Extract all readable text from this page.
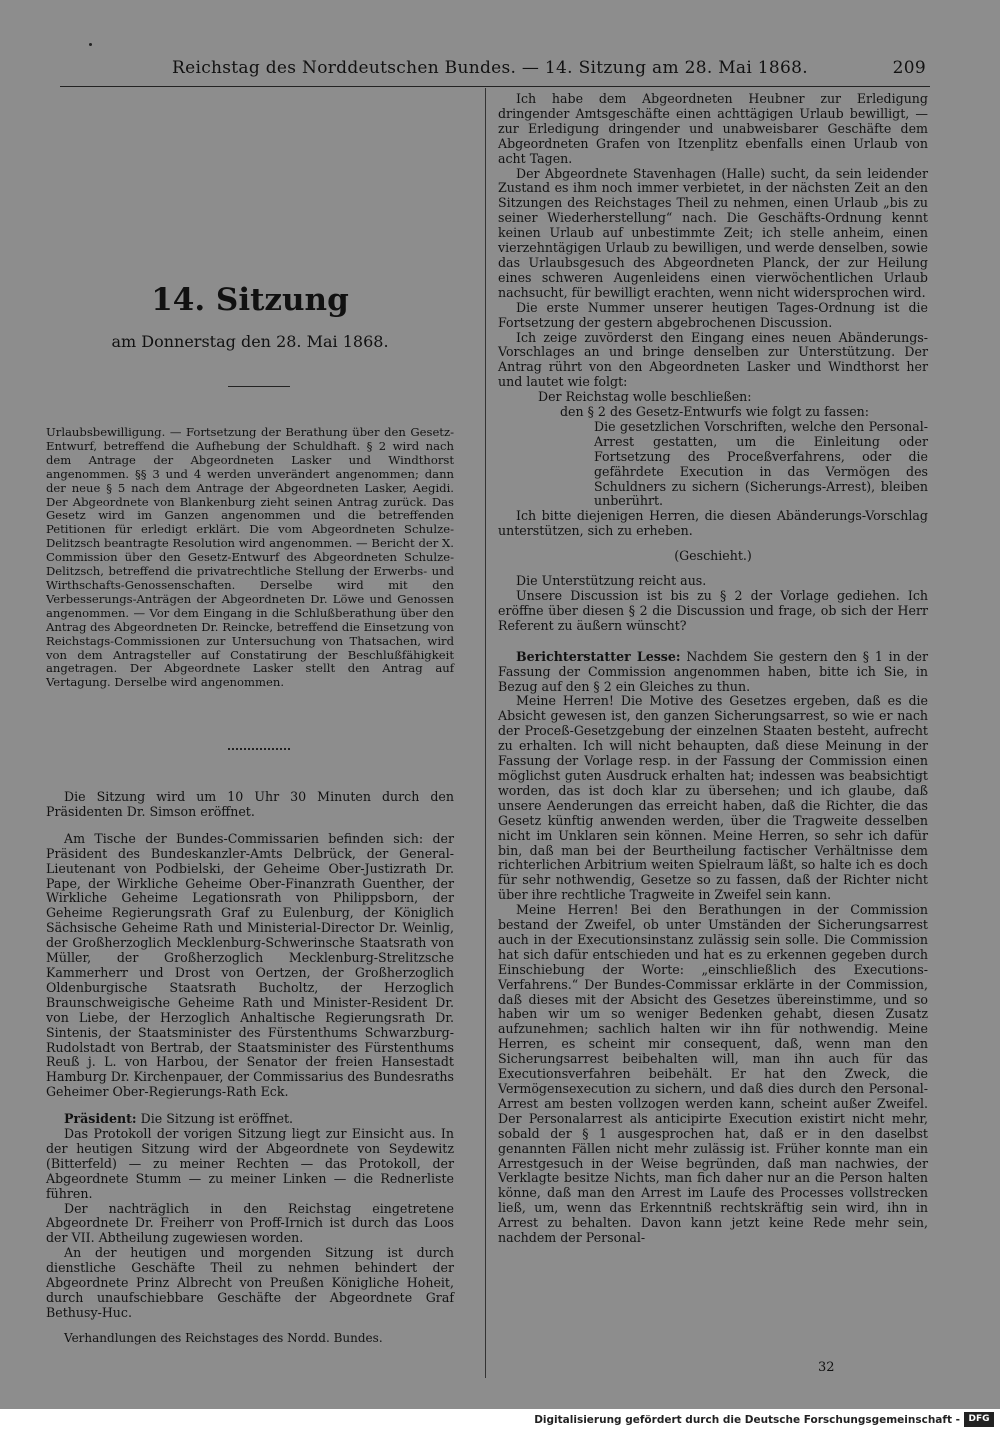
Reichstag des Norddeutschen Bundes. — 14. Sitzung am 28. Mai 1868.	209
14. Sitzung
am Donnerstag den 28. Mai 1868.
Urlaubsbewilligung. — Fortsetzung der Berathung über den Gesetz-Entwurf, betreffend die Aufhebung der Schuldhaft. § 2 wird nach dem Antrage der Abgeordneten Lasker und Windthorst angenommen. §§ 3 und 4 werden unverändert angenommen; dann der neue § 5 nach dem Antrage der Abgeordneten Lasker, Aegidi. Der Abgeordnete von Blankenburg zieht seinen Antrag zurück. Das Gesetz wird im Ganzen angenommen und die betreffenden Petitionen für erledigt erklärt. Die vom Abgeordneten Schulze-Delitzsch beantragte Resolution wird angenommen. — Bericht der X. Commission über den Gesetz-Entwurf des Abgeordneten Schulze-Delitzsch, betreffend die privatrechtliche Stellung der Erwerbs- und Wirthschafts-Genossenschaften. Derselbe wird mit den Verbesserungs-Anträgen der Abgeordneten Dr. Löwe und Genossen angenommen. — Vor dem Eingang in die Schlußberathung über den Antrag des Abgeordneten Dr. Reincke, betreffend die Einsetzung von Reichstags-Commissionen zur Untersuchung von Thatsachen, wird von dem Antragsteller auf Constatirung der Beschlußfähigkeit angetragen. Der Abgeordnete Lasker stellt den Antrag auf Vertagung. Derselbe wird angenommen.

Die Sitzung wird um 10 Uhr 30 Minuten durch den Präsidenten Dr. Simson eröffnet.

Am Tische der Bundes-Commissarien befinden sich: der Präsident des Bundeskanzler-Amts Delbrück, der General-Lieutenant von Podbielski, der Geheime Ober-Justizrath Dr. Pape, der Wirkliche Geheime Ober-Finanzrath Guenther, der Wirkliche Geheime Legationsrath von Philippsborn, der Geheime Regierungsrath Graf zu Eulenburg, der Königlich Sächsische Geheime Rath und Ministerial-Director Dr. Weinlig, der Großherzoglich Mecklenburg-Schwerinsche Staatsrath von Müller, der Großherzoglich Mecklenburg-Strelitzsche Kammerherr und Drost von Oertzen, der Großherzoglich Oldenburgische Staatsrath Bucholtz, der Herzoglich Braunschweigische Geheime Rath und Minister-Resident Dr. von Liebe, der Herzoglich Anhaltische Regierungsrath Dr. Sintenis, der Staatsminister des Fürstenthums Schwarzburg-Rudolstadt von Bertrab, der Staatsminister des Fürstenthums Reuß j. L. von Harbou, der Senator der freien Hansestadt Hamburg Dr. Kirchenpauer, der Commissarius des Bundesraths Geheimer Ober-Regierungs-Rath Eck.

Präsident: Die Sitzung ist eröffnet.

Das Protokoll der vorigen Sitzung liegt zur Einsicht aus. In der heutigen Sitzung wird der Abgeordnete von Seydewitz (Bitterfeld) — zu meiner Rechten — das Protokoll, der Abgeordnete Stumm — zu meiner Linken — die Rednerliste führen.

Der nachträglich in den Reichstag eingetretene Abgeordnete Dr. Freiherr von Proff-Irnich ist durch das Loos der VII. Abtheilung zugewiesen worden.

An der heutigen und morgenden Sitzung ist durch dienstliche Geschäfte Theil zu nehmen behindert der Abgeordnete Prinz Albrecht von Preußen Königliche Hoheit, durch unaufschiebbare Geschäfte der Abgeordnete Graf Bethusy-Huc.

Verhandlungen des Reichstages des Nordd. Bundes.

Ich habe dem Abgeordneten Heubner zur Erledigung dringender Amtsgeschäfte einen achttägigen Urlaub bewilligt, — zur Erledigung dringender und unabweisbarer Geschäfte dem Abgeordneten Grafen von Itzenplitz ebenfalls einen Urlaub von acht Tagen.

Der Abgeordnete Stavenhagen (Halle) sucht, da sein leidender Zustand es ihm noch immer verbietet, in der nächsten Zeit an den Sitzungen des Reichstages Theil zu nehmen, einen Urlaub „bis zu seiner Wiederherstellung“ nach. Die Geschäfts-Ordnung kennt keinen Urlaub auf unbestimmte Zeit; ich stelle anheim, einen vierzehntägigen Urlaub zu bewilligen, und werde denselben, sowie das Urlaubsgesuch des Abgeordneten Planck, der zur Heilung eines schweren Augenleidens einen vierwöchentlichen Urlaub nachsucht, für bewilligt erachten, wenn nicht widersprochen wird.

Die erste Nummer unserer heutigen Tages-Ordnung ist die Fortsetzung der gestern abgebrochenen Discussion.

Ich zeige zuvörderst den Eingang eines neuen Abänderungs-Vorschlages an und bringe denselben zur Unterstützung. Der Antrag rührt von den Abgeordneten Lasker und Windthorst her und lautet wie folgt:

Der Reichstag wolle beschließen:

den § 2 des Gesetz-Entwurfs wie folgt zu fassen:

Die gesetzlichen Vorschriften, welche den Personal-Arrest gestatten, um die Einleitung oder Fortsetzung des Proceßverfahrens, oder die gefährdete Execution in das Vermögen des Schuldners zu sichern (Sicherungs-Arrest), bleiben unberührt.

Ich bitte diejenigen Herren, die diesen Abänderungs-Vorschlag unterstützen, sich zu erheben.

(Geschieht.)

Die Unterstützung reicht aus.

Unsere Discussion ist bis zu § 2 der Vorlage gediehen. Ich eröffne über diesen § 2 die Discussion und frage, ob sich der Herr Referent zu äußern wünscht?

Berichterstatter Lesse: Nachdem Sie gestern den § 1 in der Fassung der Commission angenommen haben, bitte ich Sie, in Bezug auf den § 2 ein Gleiches zu thun.

Meine Herren! Die Motive des Gesetzes ergeben, daß es die Absicht gewesen ist, den ganzen Sicherungsarrest, so wie er nach der Proceß-Gesetzgebung der einzelnen Staaten besteht, aufrecht zu erhalten. Ich will nicht behaupten, daß diese Meinung in der Fassung der Vorlage resp. in der Fassung der Commission einen möglichst guten Ausdruck erhalten hat; indessen was beabsichtigt worden, das ist doch klar zu übersehen; und ich glaube, daß unsere Aenderungen das erreicht haben, daß die Richter, die das Gesetz künftig anwenden werden, über die Tragweite desselben nicht im Unklaren sein können. Meine Herren, so sehr ich dafür bin, daß man bei der Beurtheilung factischer Verhältnisse dem richterlichen Arbitrium weiten Spielraum läßt, so halte ich es doch für sehr nothwendig, Gesetze so zu fassen, daß der Richter nicht über ihre rechtliche Tragweite in Zweifel sein kann.

Meine Herren! Bei den Berathungen in der Commission bestand der Zweifel, ob unter Umständen der Sicherungsarrest auch in der Executionsinstanz zulässig sein solle. Die Commission hat sich dafür entschieden und hat es zu erkennen gegeben durch Einschiebung der Worte: „einschließlich des Executions-Verfahrens.“ Der Bundes-Commissar erklärte in der Commission, daß dieses mit der Absicht des Gesetzes übereinstimme, und so haben wir um so weniger Bedenken gehabt, diesen Zusatz aufzunehmen; sachlich halten wir ihn für nothwendig. Meine Herren, es scheint mir consequent, daß, wenn man den Sicherungsarrest beibehalten will, man ihn auch für das Executionsverfahren beibehält. Er hat den Zweck, die Vermögensexecution zu sichern, und daß dies durch den Personal-Arrest am besten vollzogen werden kann, scheint außer Zweifel. Der Personalarrest als anticipirte Execution existirt nicht mehr, sobald der § 1 ausgesprochen hat, daß er in den daselbst genannten Fällen nicht mehr zulässig ist. Früher konnte man ein Arrestgesuch in der Weise begründen, daß man nachwies, der Verklagte besitze Nichts, man fich daher nur an die Person halten könne, daß man den Arrest im Laufe des Processes vollstrecken ließ, um, wenn das Erkenntniß rechtskräftig sein wird, ihn in Arrest zu behalten. Davon kann jetzt keine Rede mehr sein, nachdem der Personal-

32
Digitalisierung gefördert durch die Deutsche Forschungsgemeinschaft - DFG
